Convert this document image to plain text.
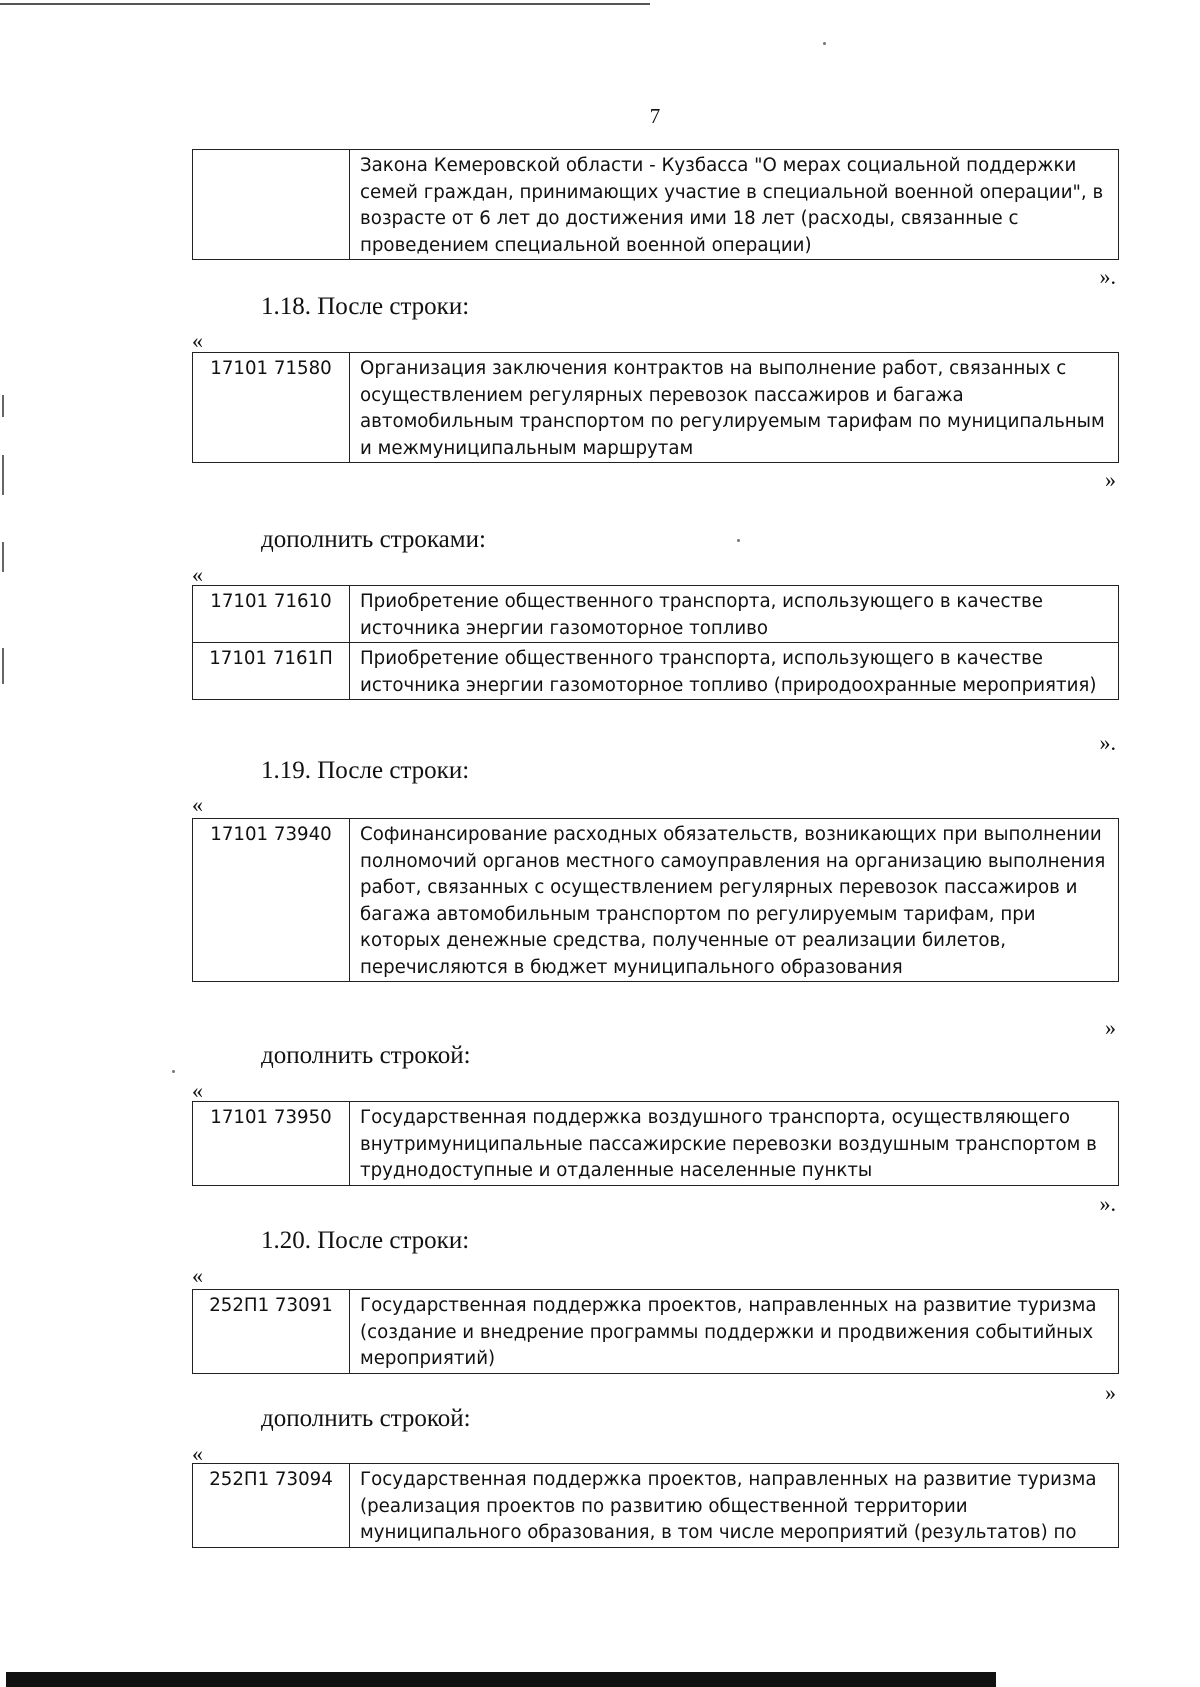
7
	Закона Кемеровской области - Кузбасса "О мерах социальной поддержки семей граждан, принимающих участие в специальной военной операции", в возрасте от 6 лет до достижения ими 18 лет (расходы, связанные с проведением специальной военной операции)
».
1.18. После строки:
«
17101 71580	Организация заключения контрактов на выполнение работ, связанных с осуществлением регулярных перевозок пассажиров и багажа автомобильным транспортом по регулируемым тарифам по муниципальным и межмуниципальным маршрутам
»
дополнить строками:
«
17101 71610	Приобретение общественного транспорта, использующего в качестве источника энергии газомоторное топливо
17101 7161П	Приобретение общественного транспорта, использующего в качестве источника энергии газомоторное топливо (природоохранные мероприятия)
».
1.19. После строки:
«
17101 73940	Софинансирование расходных обязательств, возникающих при выполнении полномочий органов местного самоуправления на организацию выполнения работ, связанных с осуществлением регулярных перевозок пассажиров и багажа автомобильным транспортом по регулируемым тарифам, при которых денежные средства, полученные от реализации билетов, перечисляются в бюджет муниципального образования
»
дополнить строкой:
«
17101 73950	Государственная поддержка воздушного транспорта, осуществляющего внутримуниципальные пассажирские перевозки воздушным транспортом в труднодоступные и отдаленные населенные пункты
».
1.20. После строки:
«
252П1 73091	Государственная поддержка проектов, направленных на развитие туризма (создание и внедрение программы поддержки и продвижения событийных мероприятий)
»
дополнить строкой:
«
252П1 73094	Государственная поддержка проектов, направленных на развитие туризма (реализация проектов по развитию общественной территории муниципального образования, в том числе мероприятий (результатов) по
